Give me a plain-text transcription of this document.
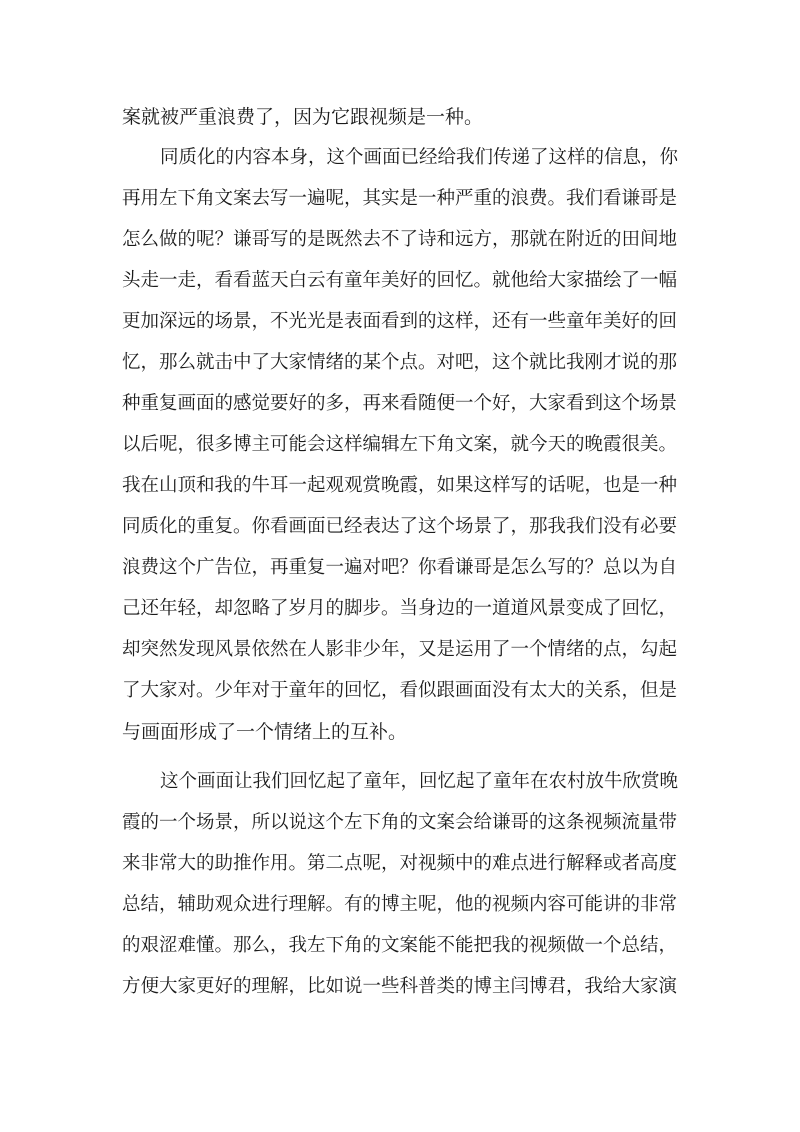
案就被严重浪费了，因为它跟视频是一种。
同质化的内容本身，这个画面已经给我们传递了这样的信息，你
再用左下角文案去写一遍呢，其实是一种严重的浪费。我们看谦哥是
怎么做的呢？谦哥写的是既然去不了诗和远方，那就在附近的田间地
头走一走，看看蓝天白云有童年美好的回忆。就他给大家描绘了一幅
更加深远的场景，不光光是表面看到的这样，还有一些童年美好的回
忆，那么就击中了大家情绪的某个点。对吧，这个就比我刚才说的那
种重复画面的感觉要好的多，再来看随便一个好，大家看到这个场景
以后呢，很多博主可能会这样编辑左下角文案，就今天的晚霞很美。
我在山顶和我的牛耳一起观观赏晚霞，如果这样写的话呢，也是一种
同质化的重复。你看画面已经表达了这个场景了，那我我们没有必要
浪费这个广告位，再重复一遍对吧？你看谦哥是怎么写的？总以为自
己还年轻，却忽略了岁月的脚步。当身边的一道道风景变成了回忆，
却突然发现风景依然在人影非少年，又是运用了一个情绪的点，勾起
了大家对。少年对于童年的回忆，看似跟画面没有太大的关系，但是
与画面形成了一个情绪上的互补。
这个画面让我们回忆起了童年，回忆起了童年在农村放牛欣赏晚
霞的一个场景，所以说这个左下角的文案会给谦哥的这条视频流量带
来非常大的助推作用。第二点呢，对视频中的难点进行解释或者高度
总结，辅助观众进行理解。有的博主呢，他的视频内容可能讲的非常
的艰涩难懂。那么，我左下角的文案能不能把我的视频做一个总结，
方便大家更好的理解，比如说一些科普类的博主闫博君，我给大家演
